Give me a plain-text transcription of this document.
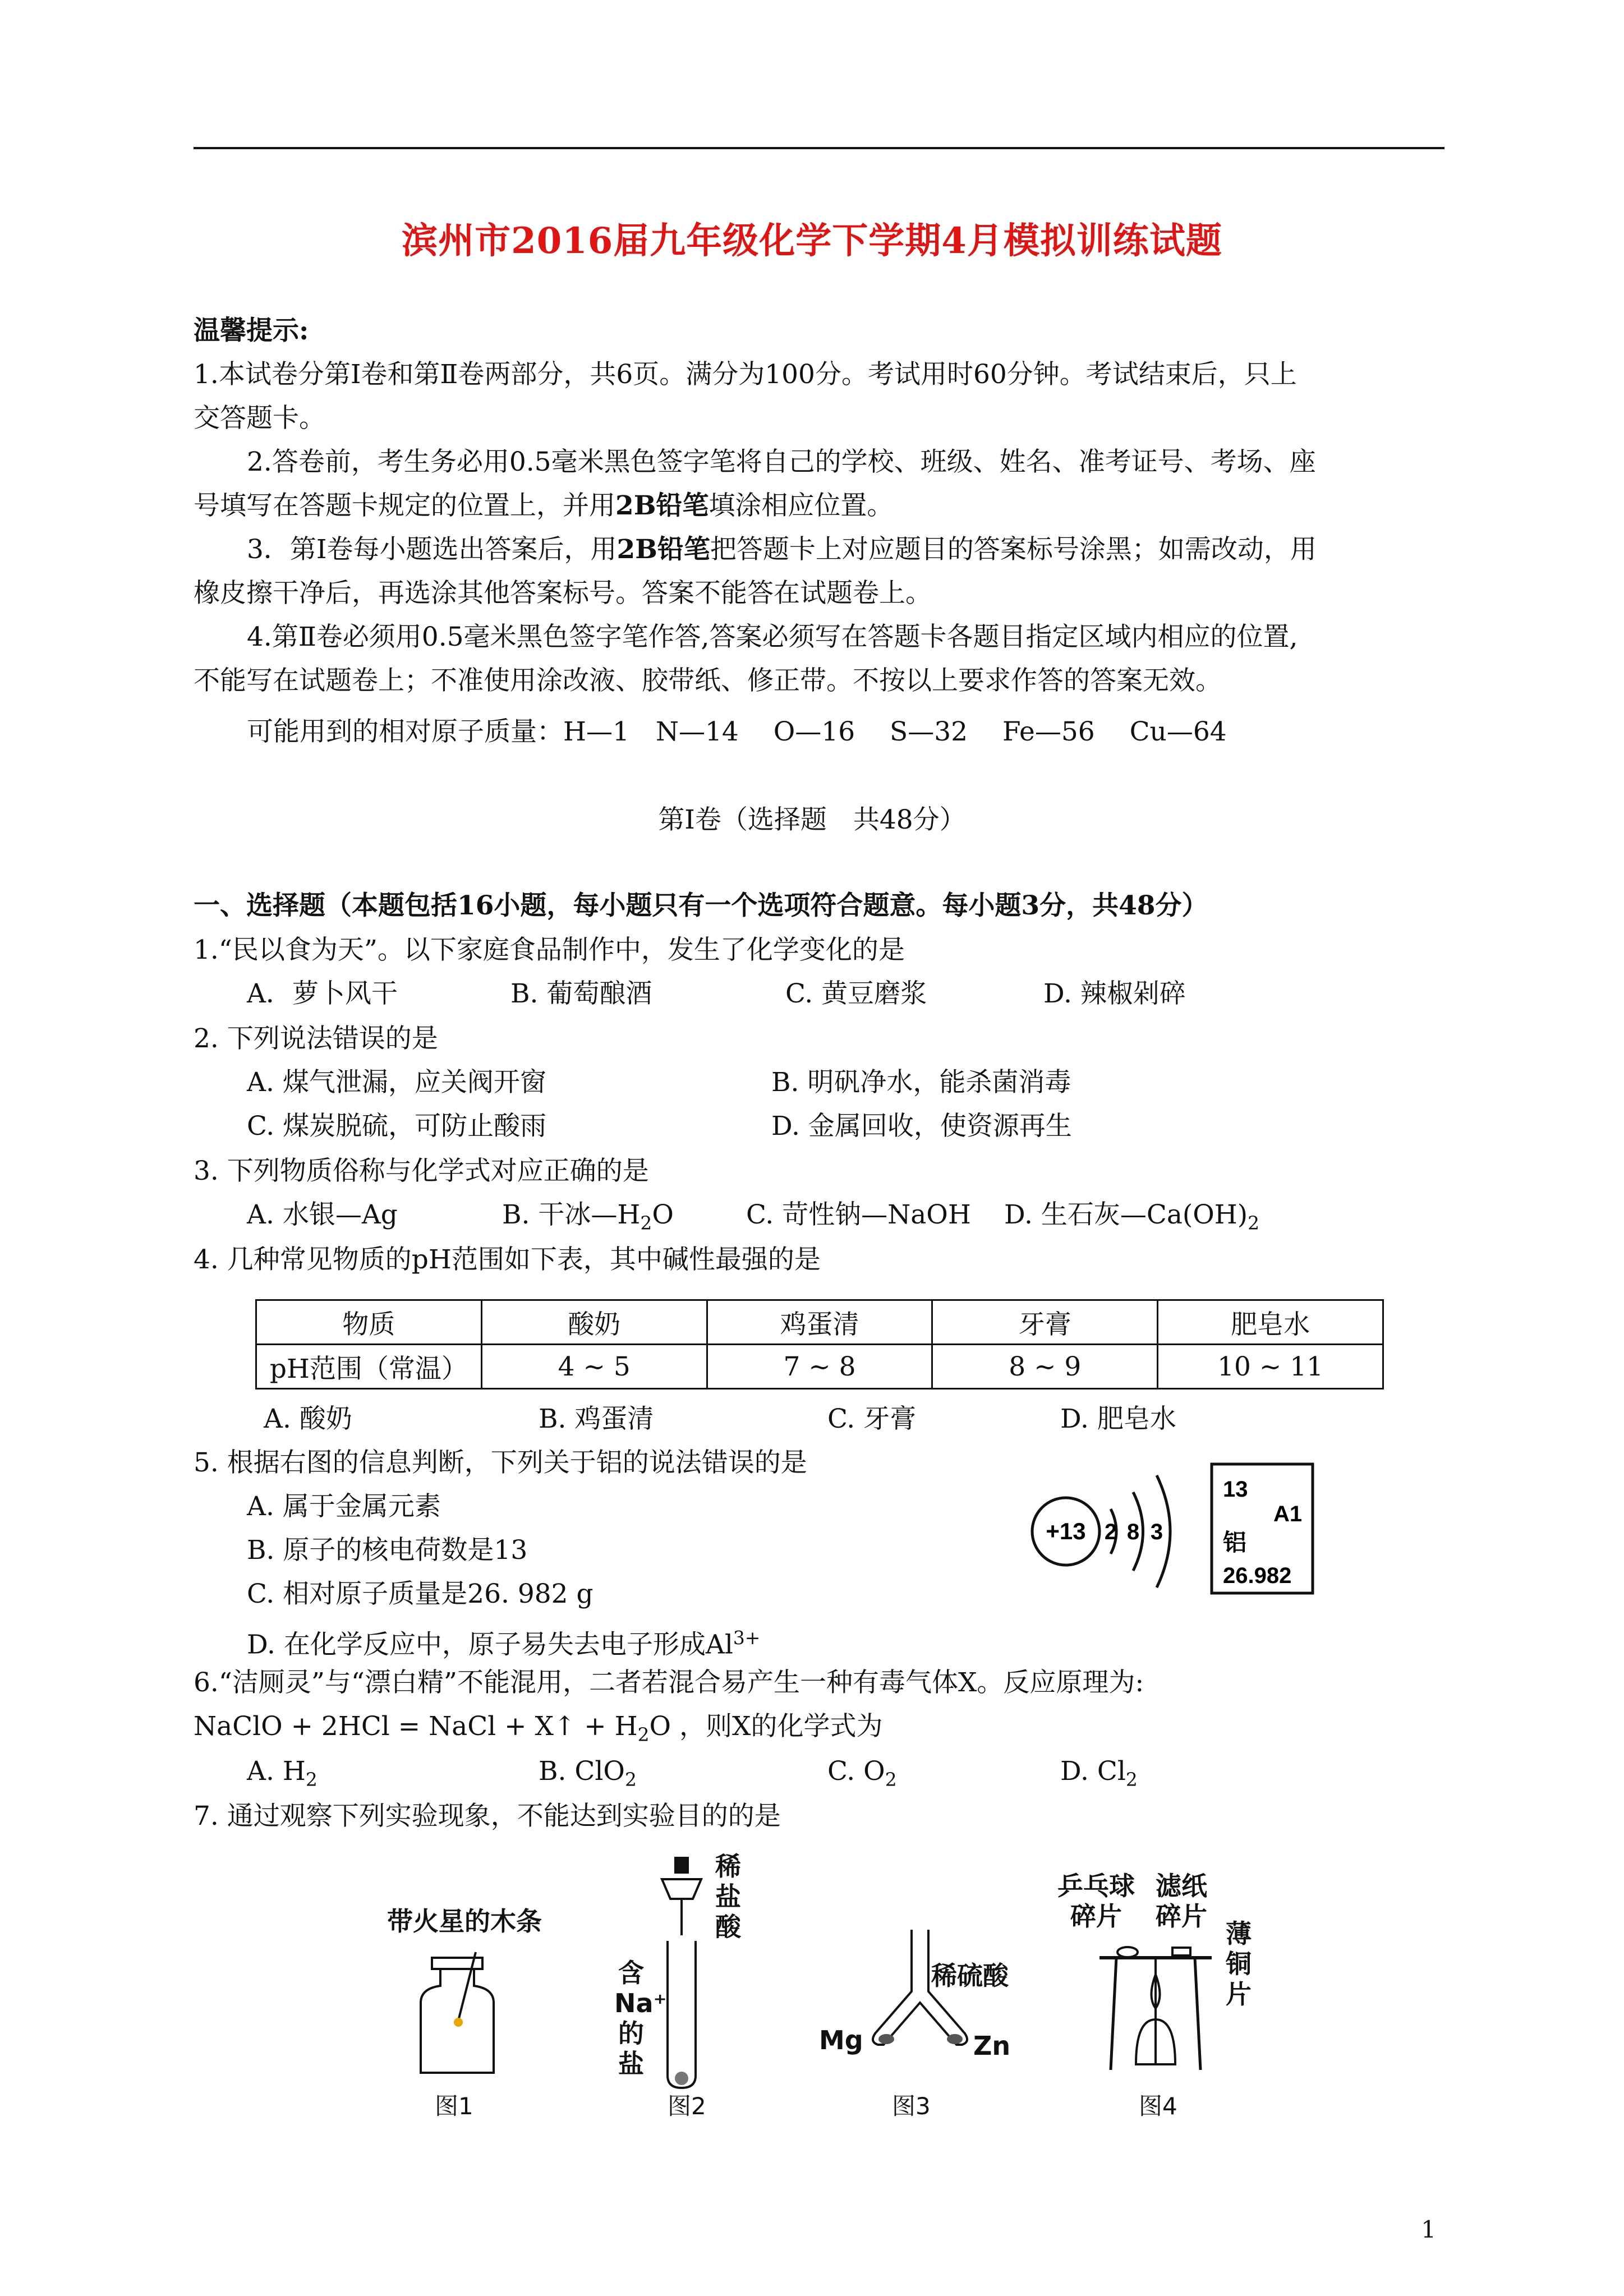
滨州市2016届九年级化学下学期4月模拟训练试题
温馨提示:
1.本试卷分第Ⅰ卷和第Ⅱ卷两部分，共6页。满分为100分。考试用时60分钟。考试结束后，只上
交答题卡。
2.答卷前，考生务必用0.5毫米黑色签字笔将自己的学校、班级、姓名、准考证号、考场、座
号填写在答题卡规定的位置上，并用2B铅笔填涂相应位置。
3．第Ⅰ卷每小题选出答案后，用2B铅笔把答题卡上对应题目的答案标号涂黑；如需改动，用
橡皮擦干净后，再选涂其他答案标号。答案不能答在试题卷上。
4.第Ⅱ卷必须用0.5毫米黑色签字笔作答,答案必须写在答题卡各题目指定区域内相应的位置,
不能写在试题卷上；不准使用涂改液、胶带纸、修正带。不按以上要求作答的答案无效。
可能用到的相对原子质量：H—1　N—14　 O—16　 S—32　 Fe—56　 Cu—64
第Ⅰ卷（选择题　共48分）
一、选择题（本题包括16小题，每小题只有一个选项符合题意。每小题3分，共48分）
1.“民以食为天”。以下家庭食品制作中，发生了化学变化的是
A．萝卜风干	B. 葡萄酿酒	C. 黄豆磨浆	D. 辣椒剁碎
2. 下列说法错误的是
A. 煤气泄漏，应关阀开窗	B. 明矾净水，能杀菌消毒
C. 煤炭脱硫，可防止酸雨	D. 金属回收，使资源再生
3. 下列物质俗称与化学式对应正确的是
A. 水银—Ag	B. 干冰$—H_2O$	C. 苛性钠—NaOH D. 生石灰$—Ca(OH)_2$
4. 几种常见物质的pH范围如下表，其中碱性最强的是
物质	酸奶	鸡蛋清	牙膏	肥皂水
pH范围（常温）	4 ~ 5	7 ~ 8	8 ~ 9	10 ~ 11
A. 酸奶	B. 鸡蛋清	C. 牙膏	D. 肥皂水
5. 根据右图的信息判断，下列关于铝的说法错误的是
A. 属于金属元素
B. 原子的核电荷数是13
C. 相对原子质量是26. 982 g
D. 在化学反应中，原子易失去电子形成$Al^{3+}$
+13 2 8 3
13
A1
铝
26.982
6.“洁厕灵”与“漂白精”不能混用，二者若混合易产生一种有毒气体X。反应原理为:
NaClO + 2HCl = NaCl + X↑ + $H_2O$ ，则X的化学式为
A. $H_2$	B. ClO$_2$	C. $O_2$	D. $Cl_2$
7. 通过观察下列实验现象，不能达到实验目的的是
带火星的木条
图1
稀
盐
酸
含
Na⁺
的
盐
图2
稀硫酸
Mg	Zn
图3
乒乓球
碎片
滤纸
碎片
薄
铜
片
图4
1
